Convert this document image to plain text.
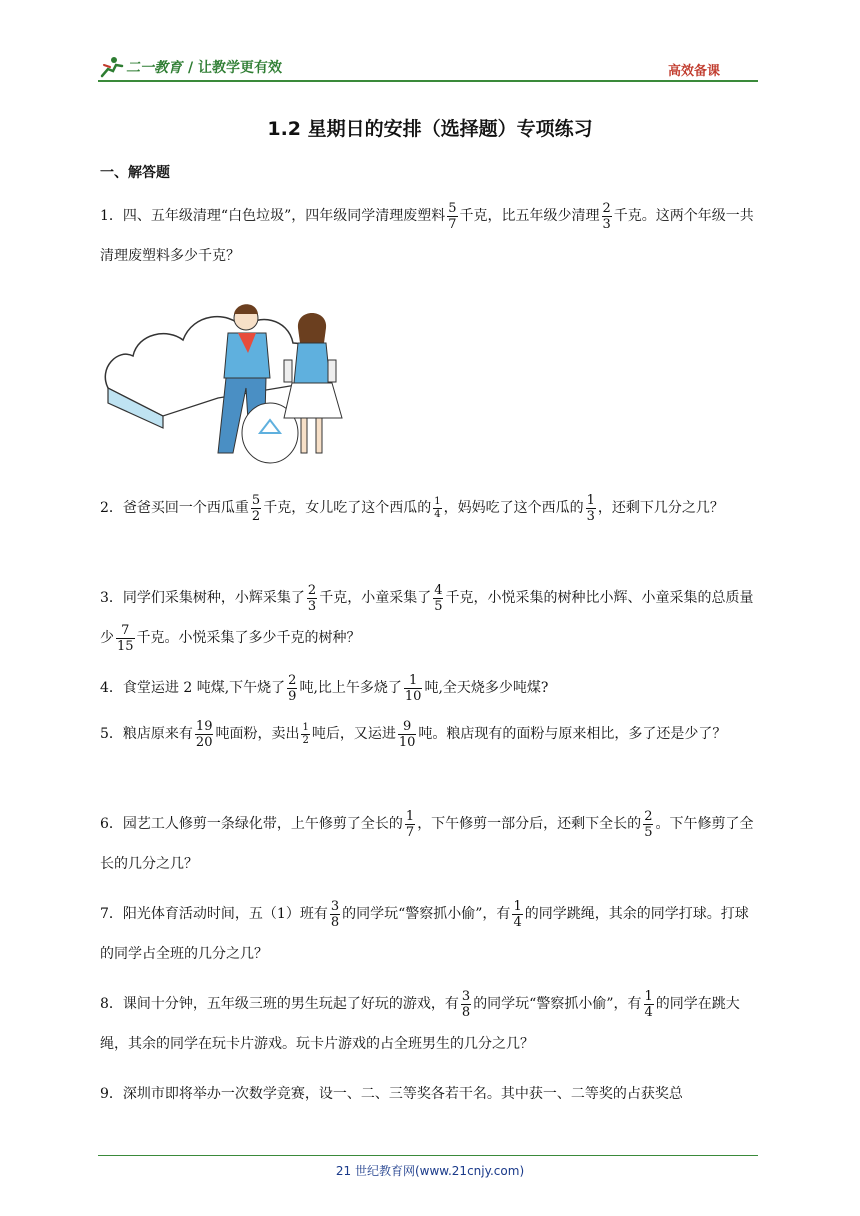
二一教育 / 让教学更有效	高效备课
1.2 星期日的安排（选择题）专项练习
一、解答题

1．四、五年级清理“白色垃圾”，四年级同学清理废塑料 $\frac{5}{7}$ 千克，比五年级少清理 $\frac{2}{3}$ 千克。这两个年级一共清理废塑料多少千克？

2．爸爸买回一个西瓜重 $\frac{5}{2}$ 千克，女儿吃了这个西瓜的 $\frac{1}{4}$ ，妈妈吃了这个西瓜的 $\frac{1}{3}$ ，还剩下几分之几？

3．同学们采集树种，小辉采集了 $\frac{2}{3}$ 千克，小童采集了 $\frac{4}{5}$ 千克，小悦采集的树种比小辉、小童采集的总质量少 $\frac{7}{15}$ 千克。小悦采集了多少千克的树种？

4．食堂运进 2 吨煤,下午烧了 $\frac{2}{9}$ 吨,比上午多烧了 $\frac{1}{10}$ 吨,全天烧多少吨煤?

5．粮店原来有 $\frac{19}{20}$ 吨面粉，卖出 $\frac{1}{2}$ 吨后，又运进 $\frac{9}{10}$ 吨。粮店现有的面粉与原来相比，多了还是少了？

6．园艺工人修剪一条绿化带，上午修剪了全长的 $\frac{1}{7}$ ，下午修剪一部分后，还剩下全长的 $\frac{2}{5}$ 。下午修剪了全长的几分之几？

7．阳光体育活动时间，五（1）班有 $\frac{3}{8}$ 的同学玩“警察抓小偷”，有 $\frac{1}{4}$ 的同学跳绳，其余的同学打球。打球的同学占全班的几分之几？

8．课间十分钟，五年级三班的男生玩起了好玩的游戏，有 $\frac{3}{8}$ 的同学玩“警察抓小偷”，有 $\frac{1}{4}$ 的同学在跳大绳，其余的同学在玩卡片游戏。玩卡片游戏的占全班男生的几分之几？

9．深圳市即将举办一次数学竞赛，设一、二、三等奖各若干名。其中获一、二等奖的占获奖总

21 世纪教育网(www.21cnjy.com)
